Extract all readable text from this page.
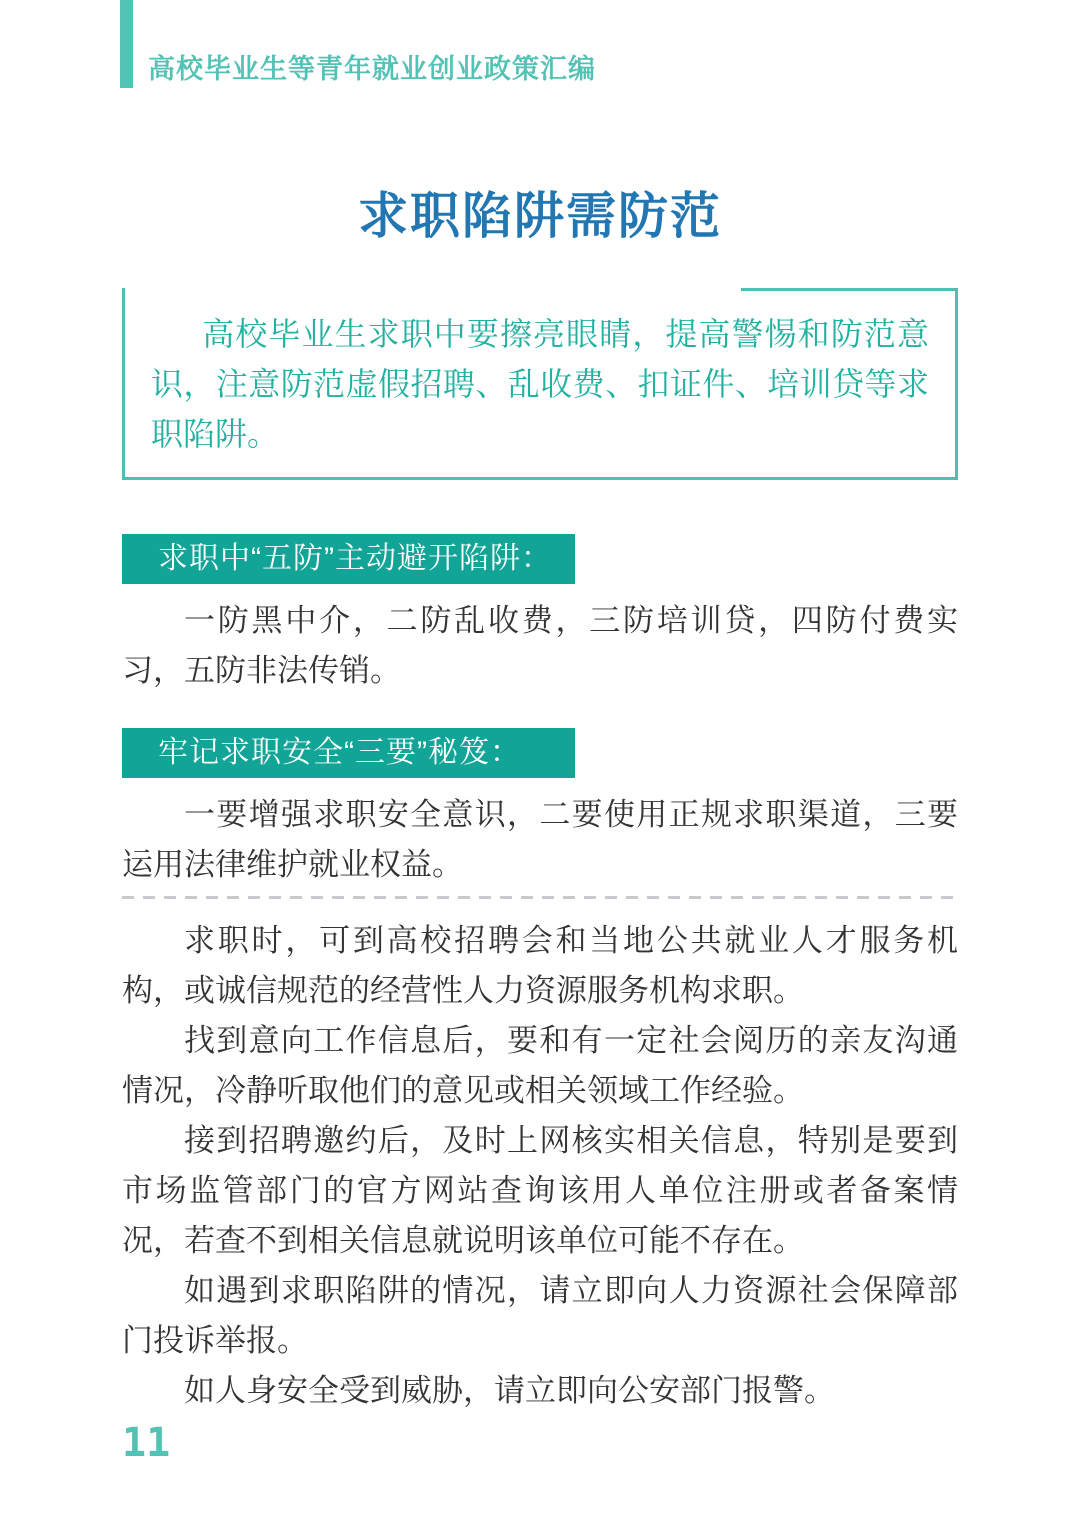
高校毕业生等青年就业创业政策汇编
求职陷阱需防范
高校毕业生求职中要擦亮眼睛，提高警惕和防范意识，注意防范虚假招聘、乱收费、扣证件、培训贷等求职陷阱。
求职中“五防”主动避开陷阱：

一防黑中介，二防乱收费，三防培训贷，四防付费实习，五防非法传销。

牢记求职安全“三要”秘笈：

一要增强求职安全意识，二要使用正规求职渠道，三要运用法律维护就业权益。

求职时，可到高校招聘会和当地公共就业人才服务机构，或诚信规范的经营性人力资源服务机构求职。

找到意向工作信息后，要和有一定社会阅历的亲友沟通情况，冷静听取他们的意见或相关领域工作经验。

接到招聘邀约后，及时上网核实相关信息，特别是要到市场监管部门的官方网站查询该用人单位注册或者备案情况，若查不到相关信息就说明该单位可能不存在。

如遇到求职陷阱的情况，请立即向人力资源社会保障部门投诉举报。

如人身安全受到威胁，请立即向公安部门报警。

11
